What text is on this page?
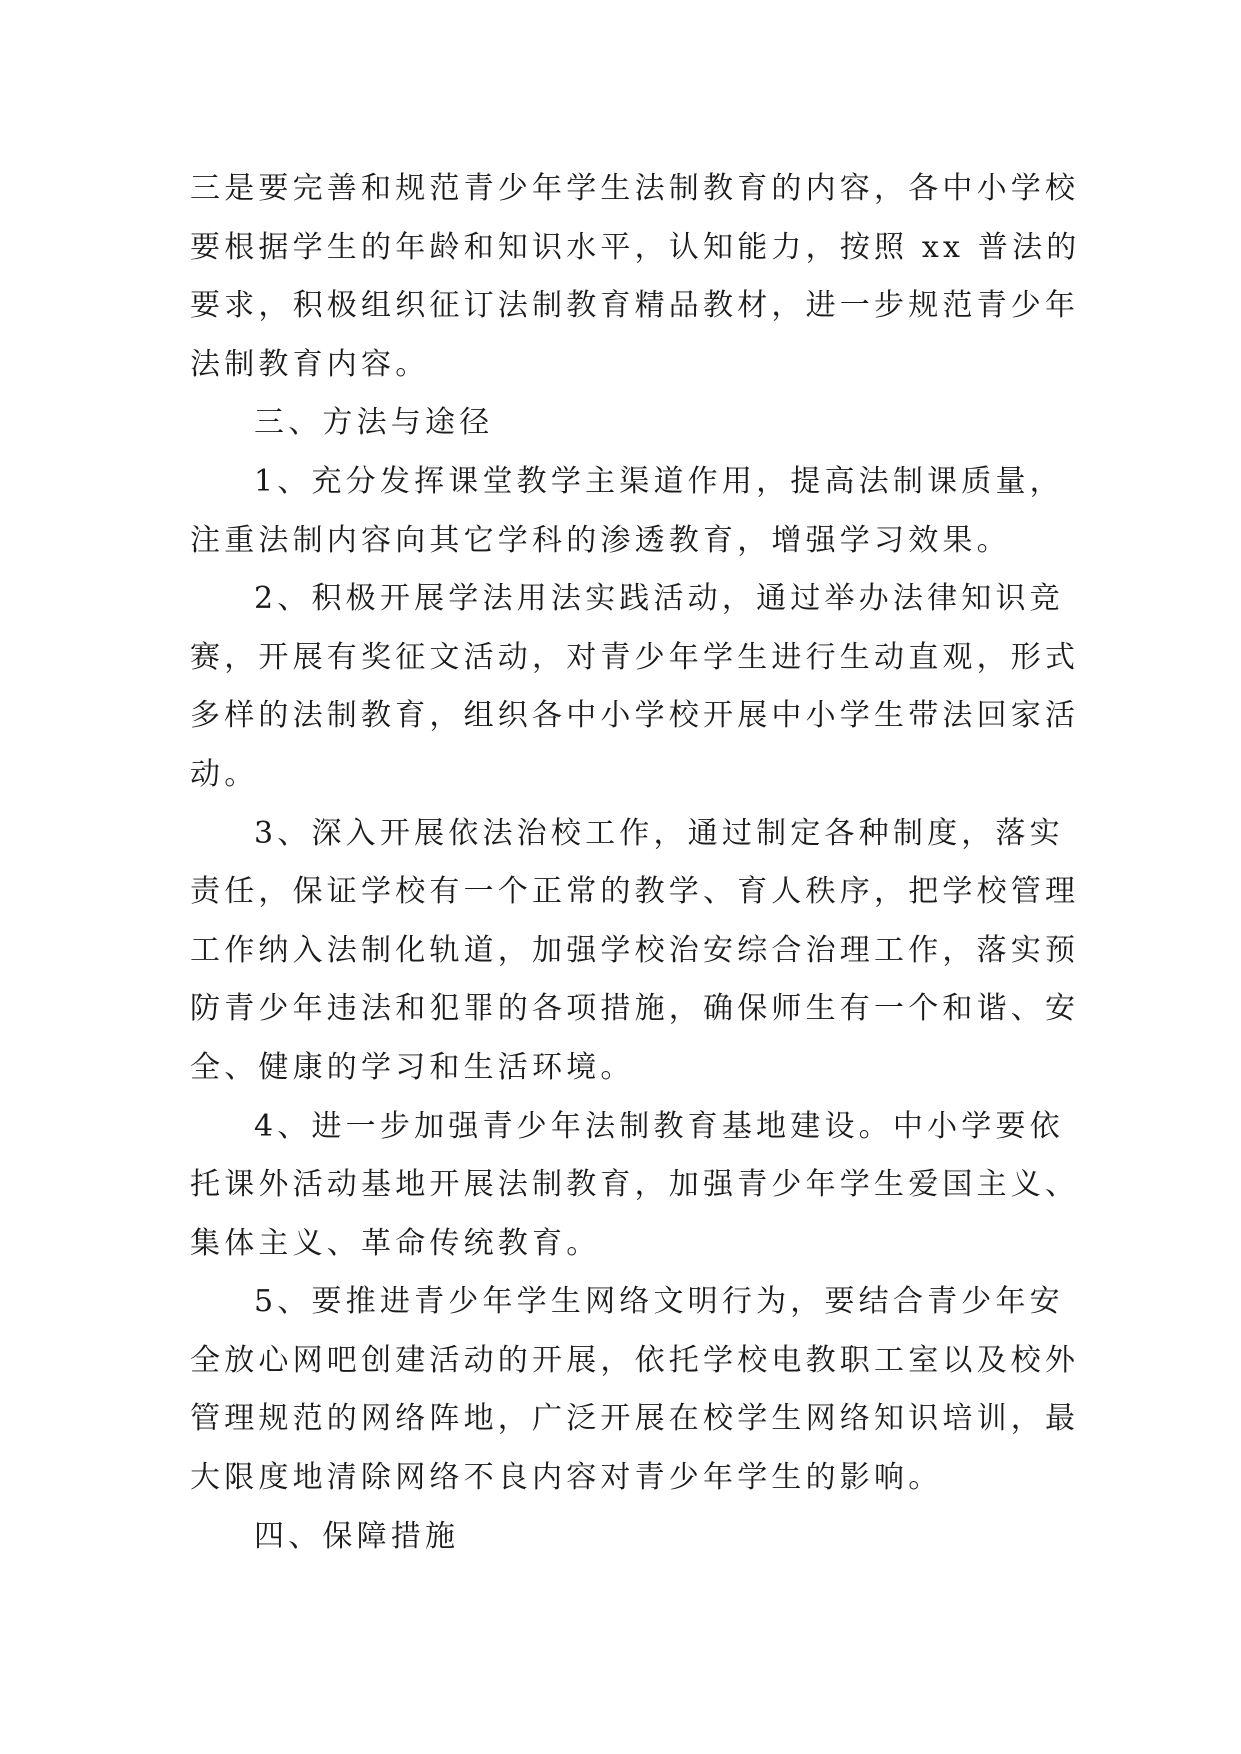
三是要完善和规范青少年学生法制教育的内容，各中小学校
要根据学生的年龄和知识水平，认知能力，按照 xx 普法的
要求，积极组织征订法制教育精品教材，进一步规范青少年
法制教育内容。
三、方法与途径
1、充分发挥课堂教学主渠道作用，提高法制课质量，
注重法制内容向其它学科的渗透教育，增强学习效果。
2、积极开展学法用法实践活动，通过举办法律知识竞
赛，开展有奖征文活动，对青少年学生进行生动直观，形式
多样的法制教育，组织各中小学校开展中小学生带法回家活
动。
3、深入开展依法治校工作，通过制定各种制度，落实
责任，保证学校有一个正常的教学、育人秩序，把学校管理
工作纳入法制化轨道，加强学校治安综合治理工作，落实预
防青少年违法和犯罪的各项措施，确保师生有一个和谐、安
全、健康的学习和生活环境。
4、进一步加强青少年法制教育基地建设。中小学要依
托课外活动基地开展法制教育，加强青少年学生爱国主义、
集体主义、革命传统教育。
5、要推进青少年学生网络文明行为，要结合青少年安
全放心网吧创建活动的开展，依托学校电教职工室以及校外
管理规范的网络阵地，广泛开展在校学生网络知识培训，最
大限度地清除网络不良内容对青少年学生的影响。
四、保障措施
